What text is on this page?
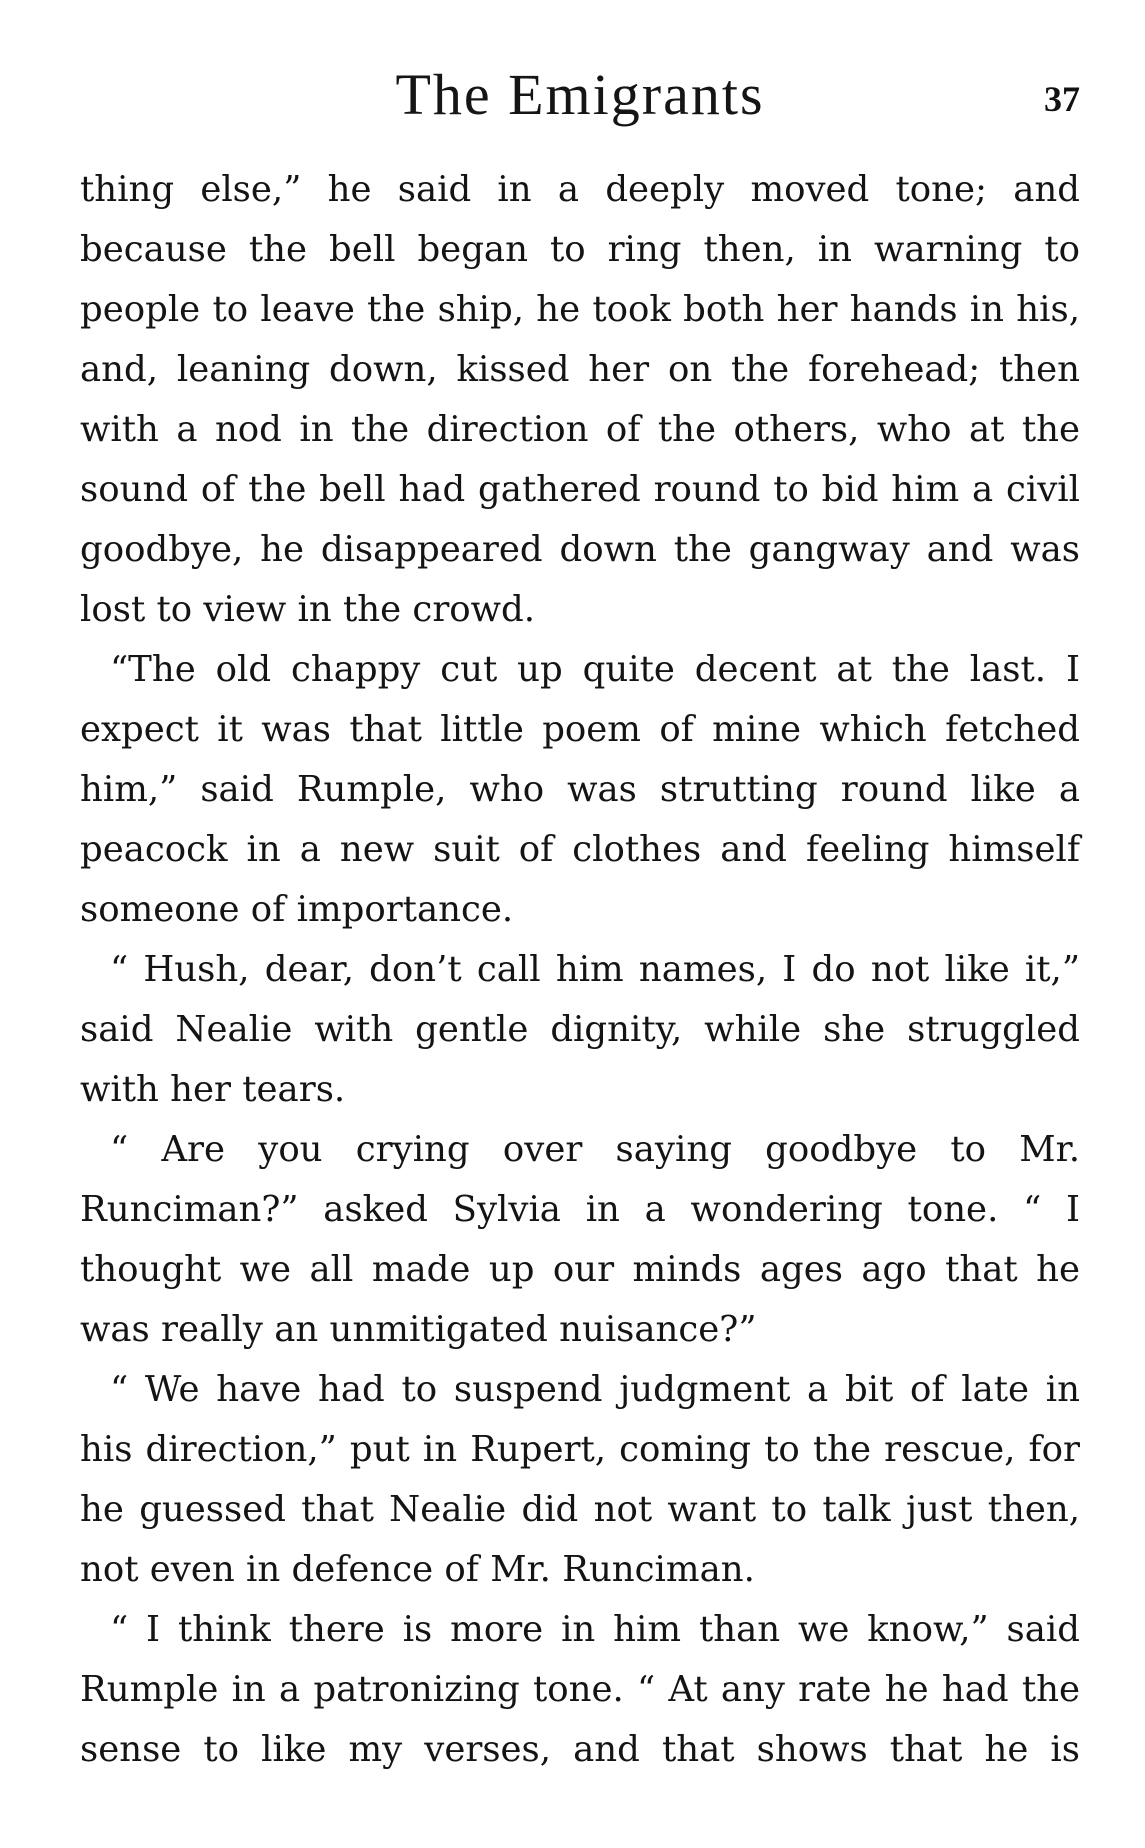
The Emigrants	37

thing else,” he said in a deeply moved tone; and because the bell began to ring then, in warning to people to leave the ship, he took both her hands in his, and, leaning down, kissed her on the forehead; then with a nod in the direction of the others, who at the sound of the bell had gathered round to bid him a civil goodbye, he disappeared down the gangway and was lost to view in the crowd.

“The old chappy cut up quite decent at the last. I expect it was that little poem of mine which fetched him,” said Rumple, who was strutting round like a peacock in a new suit of clothes and feeling himself someone of importance.

“ Hush, dear, don’t call him names, I do not like it,” said Nealie with gentle dignity, while she struggled with her tears.

“ Are you crying over saying goodbye to Mr. Runciman?” asked Sylvia in a wondering tone. “ I thought we all made up our minds ages ago that he was really an unmitigated nuisance?”

“ We have had to suspend judgment a bit of late in his direction,” put in Rupert, coming to the rescue, for he guessed that Nealie did not want to talk just then, not even in defence of Mr. Runciman.

“ I think there is more in him than we know,” said Rumple in a patronizing tone. “ At any rate he had the sense to like my verses, and that shows that he is
